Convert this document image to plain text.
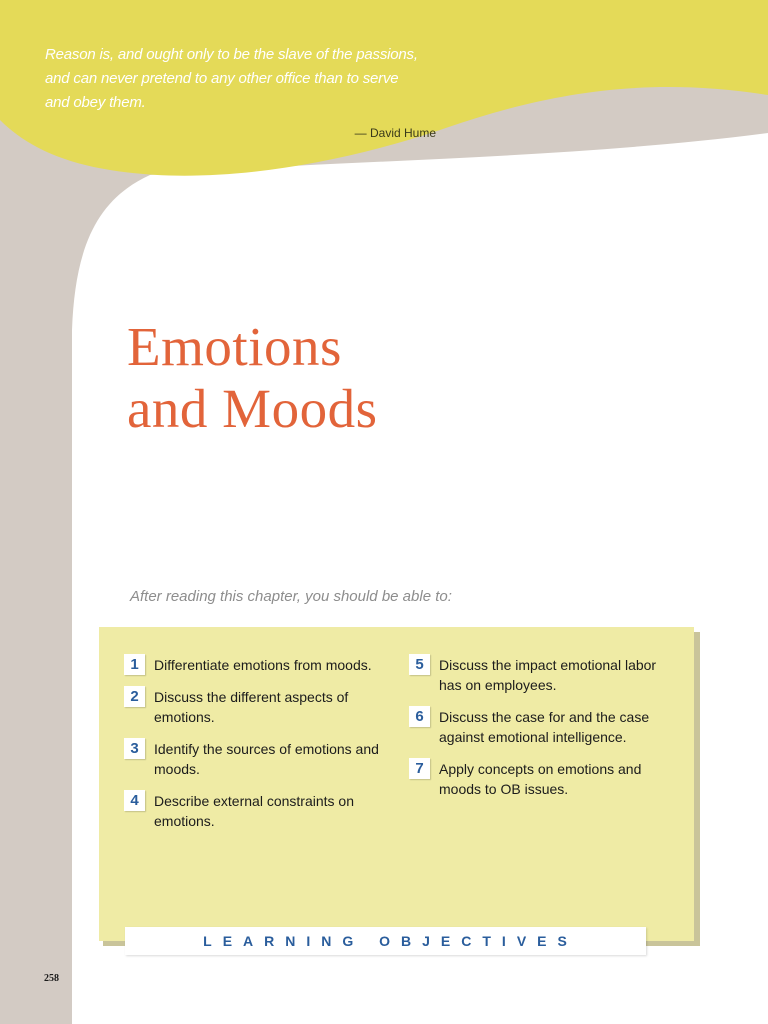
Reason is, and ought only to be the slave of the passions,
and can never pretend to any other office than to serve
and obey them.
— David Hume
Emotions
and Moods
After reading this chapter, you should be able to:
1	Differentiate emotions from moods.
2	Discuss the different aspects of emotions.
3	Identify the sources of emotions and moods.
4	Describe external constraints on emotions.
5	Discuss the impact emotional labor has on employees.
6	Discuss the case for and the case against emotional intelligence.
7	Apply concepts on emotions and moods to OB issues.
LEARNING OBJECTIVES
258
